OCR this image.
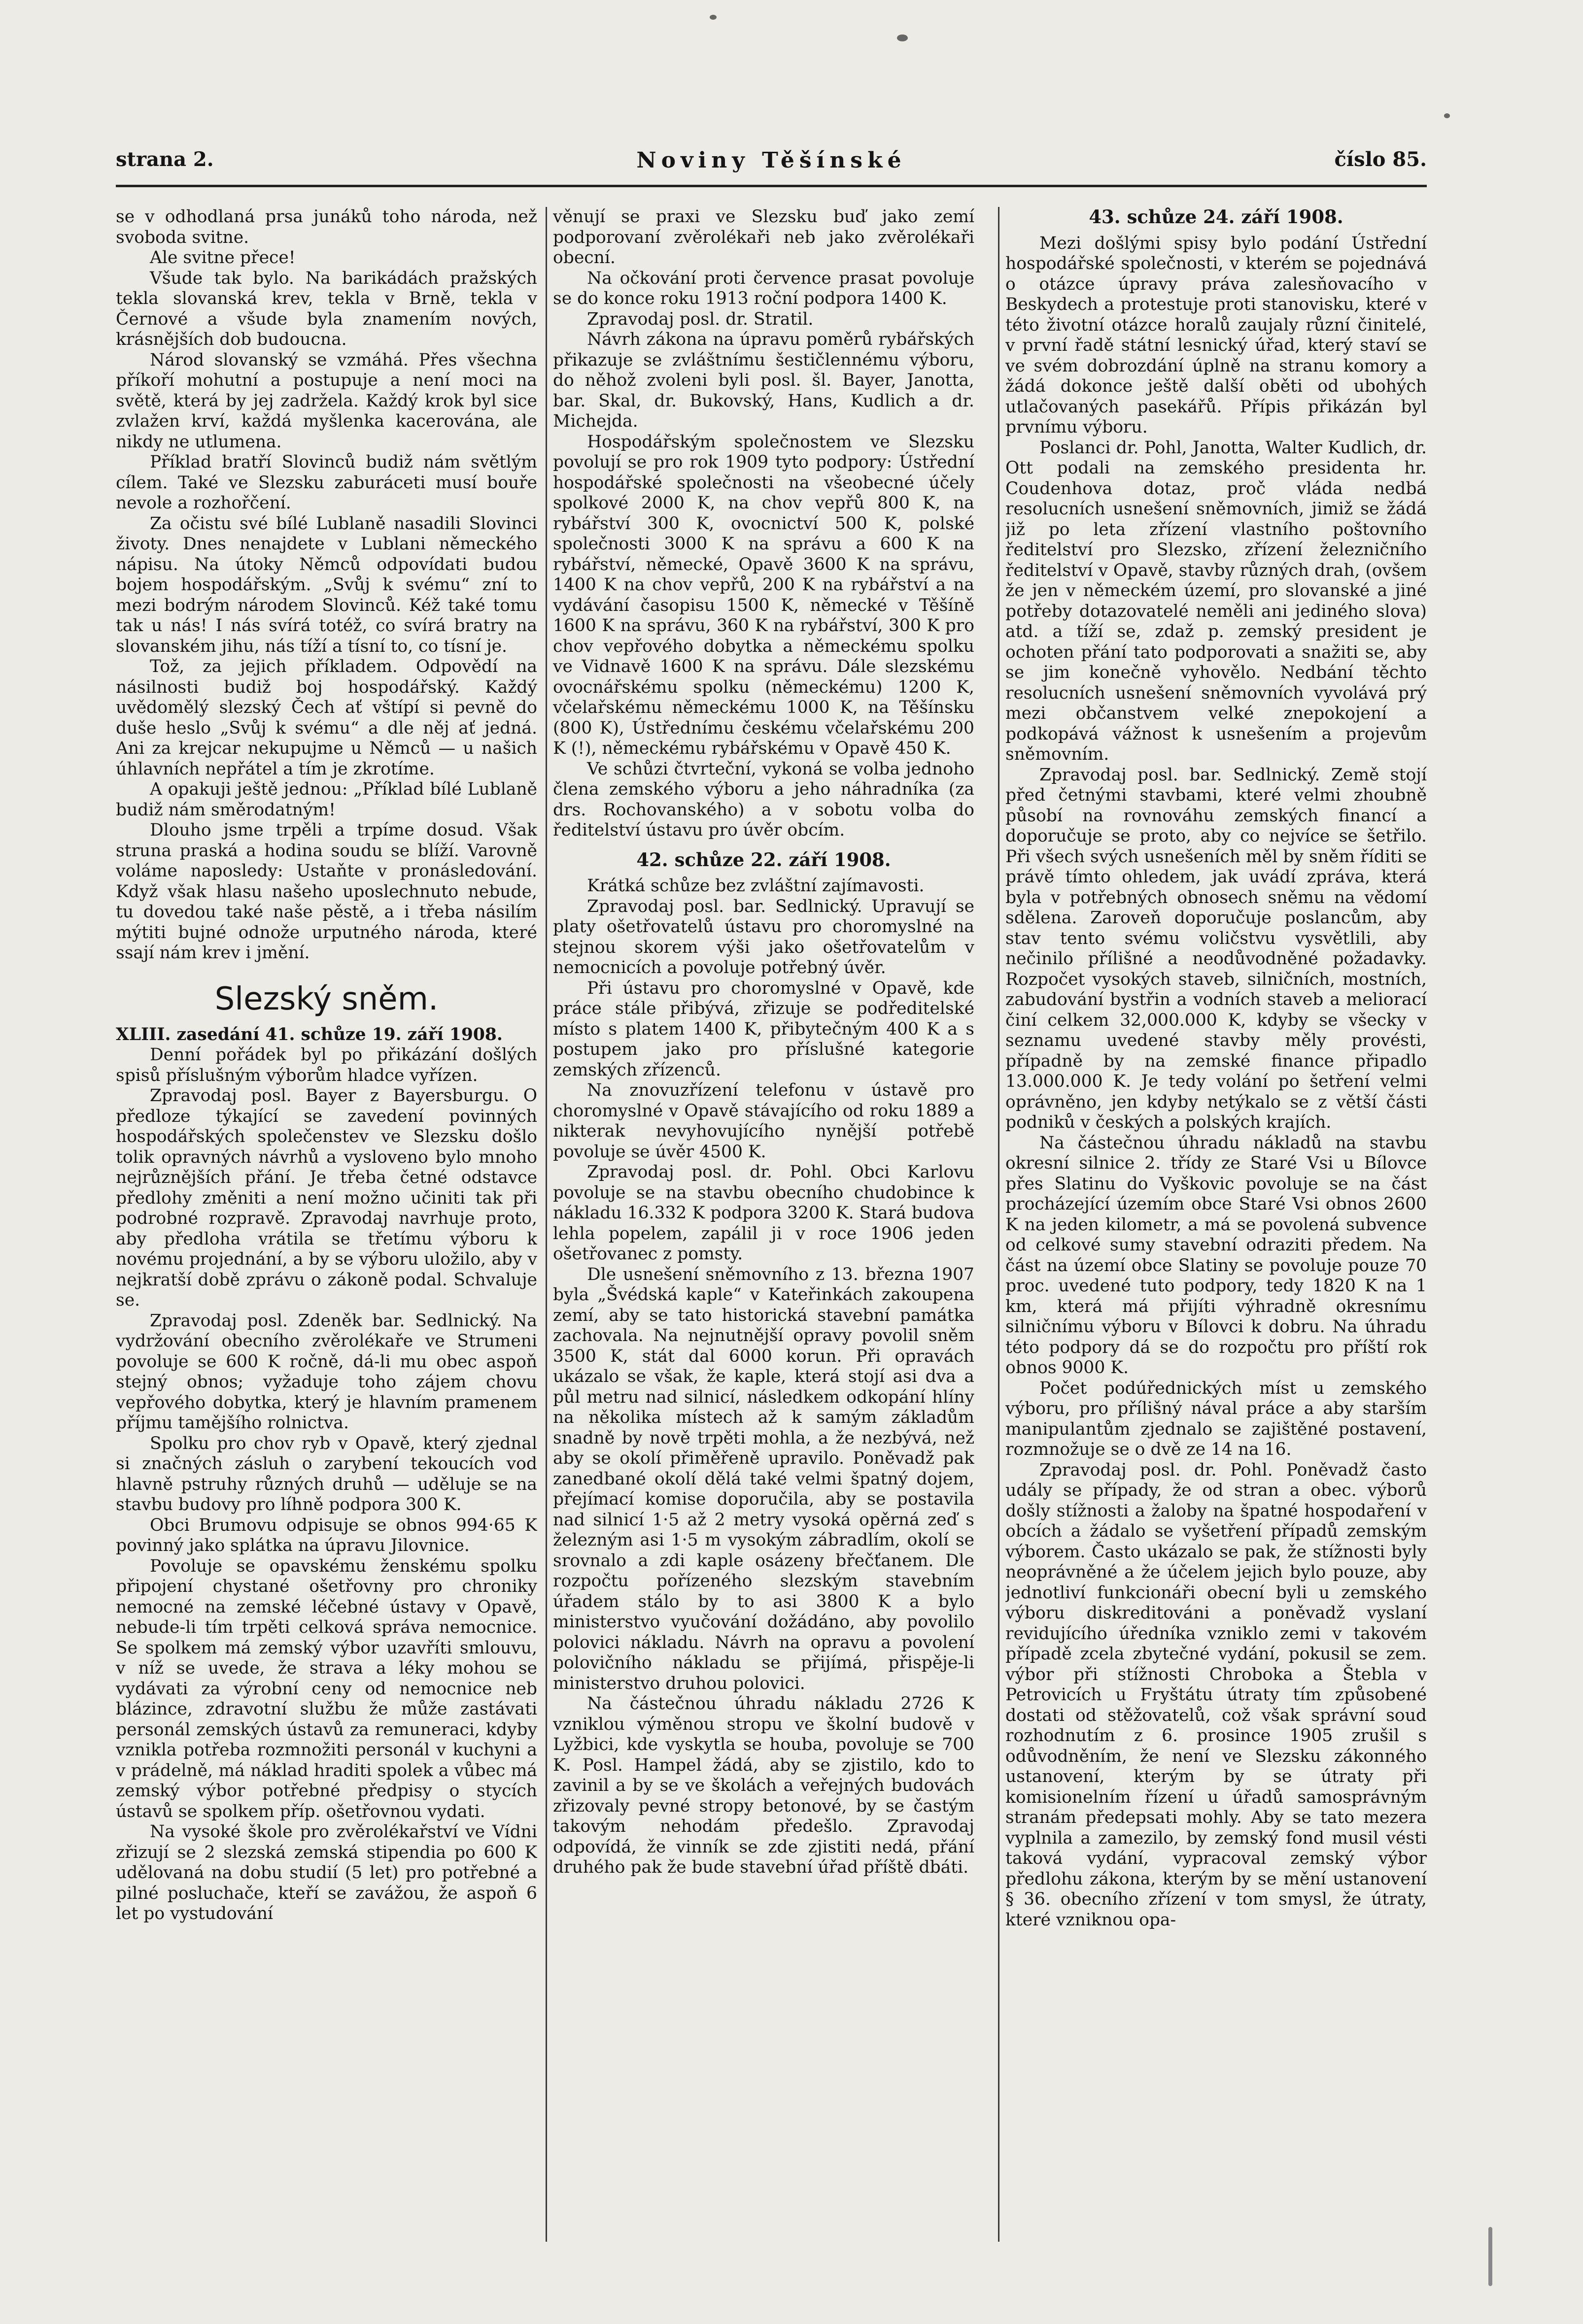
strana 2.	Noviny Těšínské	číslo 85.

se v odhodlaná prsa junáků toho národa, než svoboda svitne.

Ale svitne přece!

Všude tak bylo. Na barikádách pražských tekla slovanská krev, tekla v Brně, tekla v Černové a všude byla znamením nových, krásnějších dob budoucna.

Národ slovanský se vzmáhá. Přes všechna příkoří mohutní a postupuje a není moci na světě, která by jej zadržela. Každý krok byl sice zvlažen krví, každá myšlenka kacerována, ale nikdy ne utlumena.

Příklad bratří Slovinců budiž nám světlým cílem. Také ve Slezsku zaburáceti musí bouře nevole a rozhořčení.

Za očistu své bílé Lublaně nasadili Slovinci životy. Dnes nenajdete v Lublani německého nápisu. Na útoky Němců odpovídati budou bojem hospodářským. „Svůj k svému“ zní to mezi bodrým národem Slovinců. Kéž také tomu tak u nás! I nás svírá totéž, co svírá bratry na slovanském jihu, nás tíží a tísní to, co tísní je.

Tož, za jejich příkladem. Odpovědí na násilnosti budiž boj hospodářský. Každý uvědomělý slezský Čech ať vštípí si pevně do duše heslo „Svůj k svému“ a dle něj ať jedná. Ani za krejcar nekupujme u Němců — u našich úhlavních nepřátel a tím je zkrotíme.

A opakuji ještě jednou: „Příklad bílé Lublaně budiž nám směrodatným!

Dlouho jsme trpěli a trpíme dosud. Však struna praská a hodina soudu se blíží. Varovně voláme naposledy: Ustaňte v pronásledování. Když však hlasu našeho uposlechnuto nebude, tu dovedou také naše pěstě, a i třeba násilím mýtiti bujné odnože urputného národa, které ssají nám krev i jmění.

Slezský sněm.

XLIII. zasedání 41. schůze 19. září 1908.

Denní pořádek byl po přikázání došlých spisů příslušným výborům hladce vyřízen.

Zpravodaj posl. Bayer z Bayersburgu. O předloze týkající se zavedení povinných hospodářských společenstev ve Slezsku došlo tolik opravných návrhů a vysloveno bylo mnoho nejrůznějších přání. Je třeba četné odstavce předlohy změniti a není možno učiniti tak při podrobné rozpravě. Zpravodaj navrhuje proto, aby předloha vrátila se třetímu výboru k novému projednání, a by se výboru uložilo, aby v nejkratší době zprávu o zákoně podal. Schvaluje se.

Zpravodaj posl. Zdeněk bar. Sedlnický. Na vydržování obecního zvěrolékaře ve Strumeni povoluje se 600 K ročně, dá-li mu obec aspoň stejný obnos; vyžaduje toho zájem chovu vepřového dobytka, který je hlavním pramenem příjmu tamějšího rolnictva.

Spolku pro chov ryb v Opavě, který zjednal si značných zásluh o zarybení tekoucích vod hlavně pstruhy různých druhů — uděluje se na stavbu budovy pro líhně podpora 300 K.

Obci Brumovu odpisuje se obnos 994·65 K povinný jako splátka na úpravu Jilovnice.

Povoluje se opavskému ženskému spolku připojení chystané ošetřovny pro chroniky nemocné na zemské léčebné ústavy v Opavě, nebude-li tím trpěti celková správa nemocnice. Se spolkem má zemský výbor uzavříti smlouvu, v níž se uvede, že strava a léky mohou se vydávati za výrobní ceny od nemocnice neb blázince, zdravotní službu že může zastávati personál zemských ústavů za remuneraci, kdyby vznikla potřeba rozmnožiti personál v kuchyni a v prádelně, má náklad hraditi spolek a vůbec má zemský výbor potřebné předpisy o stycích ústavů se spolkem příp. ošetřovnou vydati.

Na vysoké škole pro zvěrolékařství ve Vídni zřizují se 2 slezská zemská stipendia po 600 K udělovaná na dobu studií (5 let) pro potřebné a pilné posluchače, kteří se zavážou, že aspoň 6 let po vystudování

věnují se praxi ve Slezsku buď jako zemí podporovaní zvěrolékaři neb jako zvěrolékaři obecní.

Na očkování proti července prasat povoluje se do konce roku 1913 roční podpora 1400 K.

Zpravodaj posl. dr. Stratil.

Návrh zákona na úpravu poměrů rybářských přikazuje se zvláštnímu šestičlennému výboru, do něhož zvoleni byli posl. šl. Bayer, Janotta, bar. Skal, dr. Bukovský, Hans, Kudlich a dr. Michejda.

Hospodářským společnostem ve Slezsku povolují se pro rok 1909 tyto podpory: Ústřední hospodářské společnosti na všeobecné účely spolkové 2000 K, na chov vepřů 800 K, na rybářství 300 K, ovocnictví 500 K, polské společnosti 3000 K na správu a 600 K na rybářství, německé, Opavě 3600 K na správu, 1400 K na chov vepřů, 200 K na rybářství a na vydávání časopisu 1500 K, německé v Těšíně 1600 K na správu, 360 K na rybářství, 300 K pro chov vepřového dobytka a německému spolku ve Vidnavě 1600 K na správu. Dále slezskému ovocnářskému spolku (německému) 1200 K, včelařskému německému 1000 K, na Těšínsku (800 K), Ústřednímu českému včelařskému 200 K (!), německému rybářskému v Opavě 450 K.

Ve schůzi čtvrteční, vykoná se volba jednoho člena zemského výboru a jeho náhradníka (za drs. Rochovanského) a v sobotu volba do ředitelství ústavu pro úvěr obcím.

42. schůze 22. září 1908.

Krátká schůze bez zvláštní zajímavosti.

Zpravodaj posl. bar. Sedlnický. Upravují se platy ošetřovatelů ústavu pro choromyslné na stejnou skorem výši jako ošetřovatelům v nemocnicích a povoluje potřebný úvěr.

Při ústavu pro choromyslné v Opavě, kde práce stále přibývá, zřizuje se podředitelské místo s platem 1400 K, přibytečným 400 K a s postupem jako pro příslušné kategorie zemských zřízenců.

Na znovuzřízení telefonu v ústavě pro choromyslné v Opavě stávajícího od roku 1889 a nikterak nevyhovujícího nynější potřebě povoluje se úvěr 4500 K.

Zpravodaj posl. dr. Pohl. Obci Karlovu povoluje se na stavbu obecního chudobince k nákladu 16.332 K podpora 3200 K. Stará budova lehla popelem, zapálil ji v roce 1906 jeden ošetřovanec z pomsty.

Dle usnešení sněmovního z 13. března 1907 byla „Švédská kaple“ v Kateřinkách zakoupena zemí, aby se tato historická stavební památka zachovala. Na nejnutnější opravy povolil sněm 3500 K, stát dal 6000 korun. Při opravách ukázalo se však, že kaple, která stojí asi dva a půl metru nad silnicí, následkem odkopání hlíny na několika místech až k samým základům snadně by nově trpěti mohla, a že nezbývá, než aby se okolí přiměřeně upravilo. Poněvadž pak zanedbané okolí dělá také velmi špatný dojem, přejímací komise doporučila, aby se postavila nad silnicí 1·5 až 2 metry vysoká opěrná zeď s železným asi 1·5 m vysokým zábradlím, okolí se srovnalo a zdi kaple osázeny břečťanem. Dle rozpočtu pořízeného slezským stavebním úřadem stálo by to asi 3800 K a bylo ministerstvo vyučování dožádáno, aby povolilo polovici nákladu. Návrh na opravu a povolení polovičního nákladu se přijímá, přispěje-li ministerstvo druhou polovici.

Na částečnou úhradu nákladu 2726 K vzniklou výměnou stropu ve školní budově v Lyžbici, kde vyskytla se houba, povoluje se 700 K. Posl. Hampel žádá, aby se zjistilo, kdo to zavinil a by se ve školách a veřejných budovách zřizovaly pevné stropy betonové, by se častým takovým nehodám předešlo. Zpravodaj odpovídá, že vinník se zde zjistiti nedá, přání druhého pak že bude stavební úřad příště dbáti.

43. schůze 24. září 1908.

Mezi došlými spisy bylo podání Ústřední hospodářské společnosti, v kterém se pojednává o otázce úpravy práva zalesňovacího v Beskydech a protestuje proti stanovisku, které v této životní otázce horalů zaujaly různí činitelé, v první řadě státní lesnický úřad, který staví se ve svém dobrozdání úplně na stranu komory a žádá dokonce ještě další oběti od ubohých utlačovaných pasekářů. Přípis přikázán byl prvnímu výboru.

Poslanci dr. Pohl, Janotta, Walter Kudlich, dr. Ott podali na zemského presidenta hr. Coudenhova dotaz, proč vláda nedbá resolucních usnešení sněmovních, jimiž se žádá již po leta zřízení vlastního poštovního ředitelství pro Slezsko, zřízení železničního ředitelství v Opavě, stavby různých drah, (ovšem že jen v německém území, pro slovanské a jiné potřeby dotazovatelé neměli ani jediného slova) atd. a tíží se, zdaž p. zemský president je ochoten přání tato podporovati a snažiti se, aby se jim konečně vyhovělo. Nedbání těchto resolucních usnešení sněmovních vyvolává prý mezi občanstvem velké znepokojení a podkopává vážnost k usnešením a projevům sněmovním.

Zpravodaj posl. bar. Sedlnický. Země stojí před četnými stavbami, které velmi zhoubně působí na rovnováhu zemských financí a doporučuje se proto, aby co nejvíce se šetřilo. Při všech svých usnešeních měl by sněm říditi se právě tímto ohledem, jak uvádí zpráva, která byla v potřebných obnosech sněmu na vědomí sdělena. Zaroveň doporučuje poslancům, aby stav tento svému voličstvu vysvětlili, aby nečinilo přílišné a neodůvodněné požadavky. Rozpočet vysokých staveb, silničních, mostních, zabudování bystřin a vodních staveb a meliorací činí celkem 32,000.000 K, kdyby se všecky v seznamu uvedené stavby měly provésti, případně by na zemské finance připadlo 13.000.000 K. Je tedy volání po šetření velmi oprávněno, jen kdyby netýkalo se z větší části podniků v českých a polských krajích.

Na částečnou úhradu nákladů na stavbu okresní silnice 2. třídy ze Staré Vsi u Bílovce přes Slatinu do Vyškovic povoluje se na část procházející územím obce Staré Vsi obnos 2600 K na jeden kilometr, a má se povolená subvence od celkové sumy stavební odraziti předem. Na část na území obce Slatiny se povoluje pouze 70 proc. uvedené tuto podpory, tedy 1820 K na 1 km, která má přijíti výhradně okresnímu silničnímu výboru v Bílovci k dobru. Na úhradu této podpory dá se do rozpočtu pro příští rok obnos 9000 K.

Počet podúřednických míst u zemského výboru, pro přílišný nával práce a aby starším manipulantům zjednalo se zajištěné postavení, rozmnožuje se o dvě ze 14 na 16.

Zpravodaj posl. dr. Pohl. Poněvadž často udály se případy, že od stran a obec. výborů došly stížnosti a žaloby na špatné hospodaření v obcích a žádalo se vyšetření případů zemským výborem. Často ukázalo se pak, že stížnosti byly neoprávněné a že účelem jejich bylo pouze, aby jednotliví funkcionáři obecní byli u zemského výboru diskreditováni a poněvadž vyslaní revidujícího úředníka vzniklo zemi v takovém případě zcela zbytečné vydání, pokusil se zem. výbor při stížnosti Chrobokа a Štebla v Petrovicích u Fryštátu útraty tím způsobené dostati od stěžovatelů, což však správní soud rozhodnutím z 6. prosince 1905 zrušil s odůvodněním, že není ve Slezsku zákonného ustanovení, kterým by se útraty při komisionelním řízení u úřadů samosprávným stranám předepsati mohly. Aby se tato mezera vyplnila a zamezilo, by zemský fond musil vésti taková vydání, vypracoval zemský výbor předlohu zákona, kterým by se mění ustanovení § 36. obecního zřízení v tom smysl, že útraty, které vzniknou opa-
